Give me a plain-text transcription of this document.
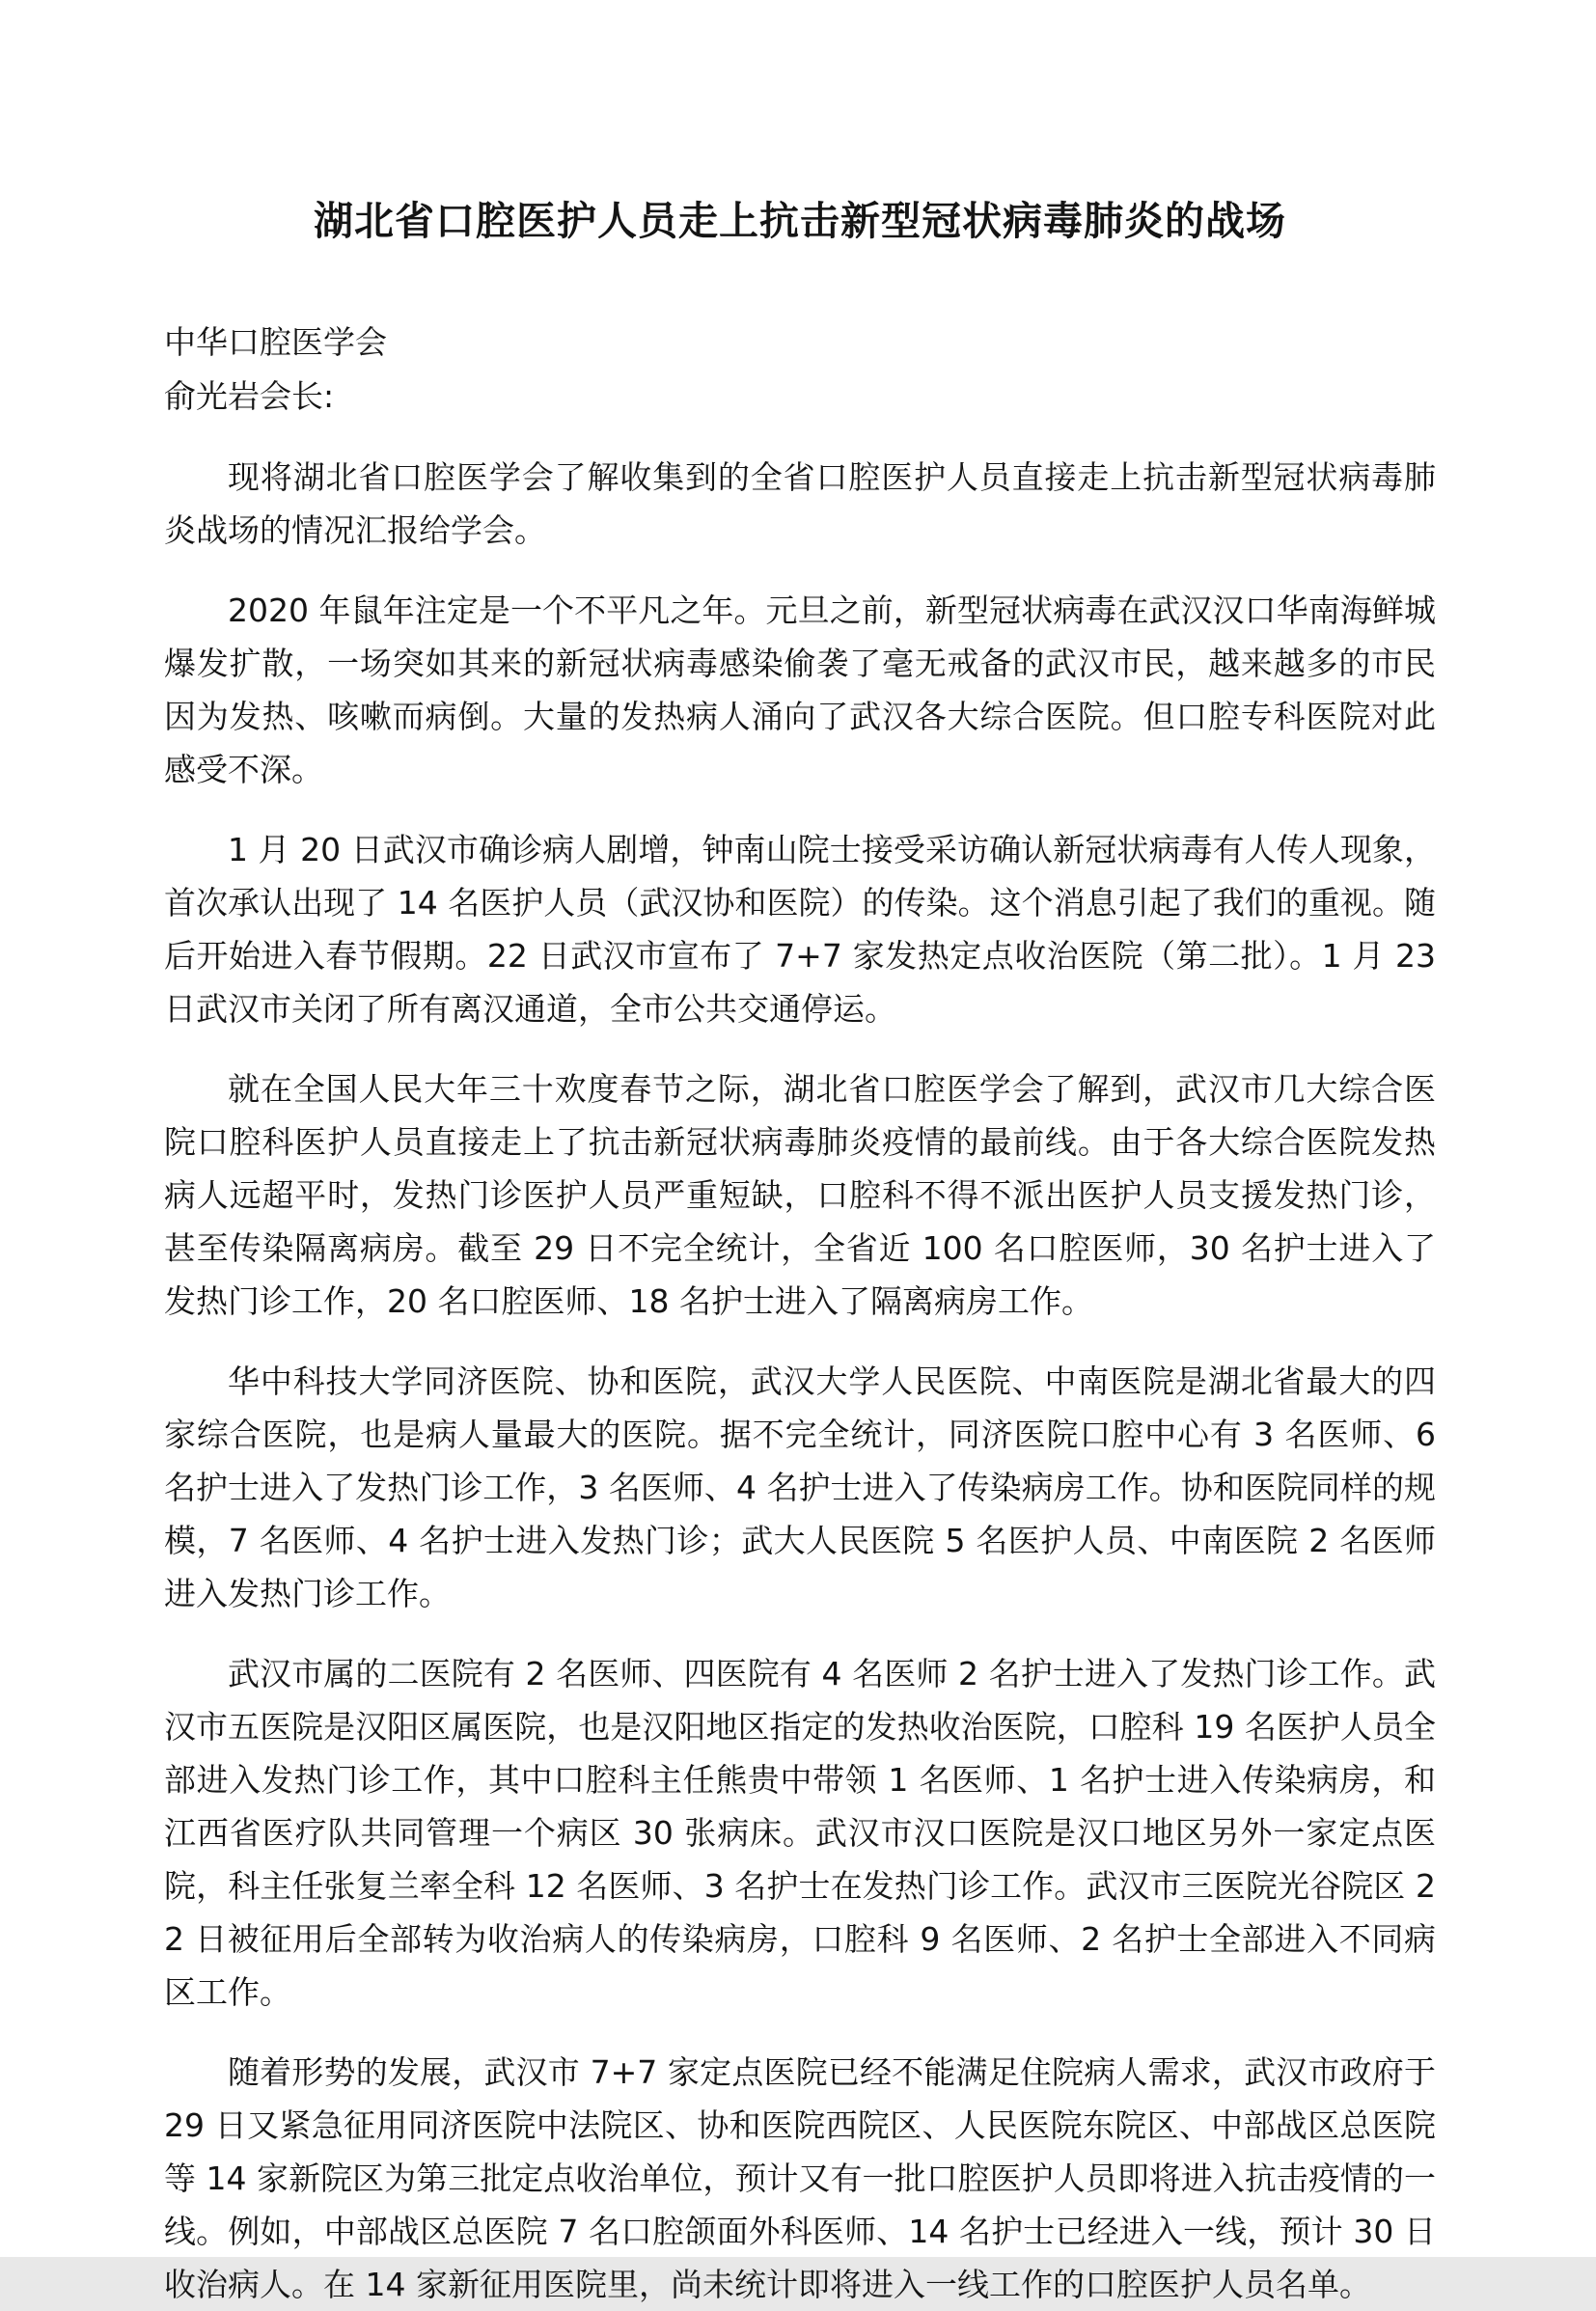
湖北省口腔医护人员走上抗击新型冠状病毒肺炎的战场
中华口腔医学会
俞光岩会长:

现将湖北省口腔医学会了解收集到的全省口腔医护人员直接走上抗击新型冠状病毒肺炎战场的情况汇报给学会。

2020 年鼠年注定是一个不平凡之年。元旦之前，新型冠状病毒在武汉汉口华南海鲜城爆发扩散，一场突如其来的新冠状病毒感染偷袭了毫无戒备的武汉市民，越来越多的市民因为发热、咳嗽而病倒。大量的发热病人涌向了武汉各大综合医院。但口腔专科医院对此感受不深。

1 月 20 日武汉市确诊病人剧增，钟南山院士接受采访确认新冠状病毒有人传人现象，首次承认出现了 14 名医护人员（武汉协和医院）的传染。这个消息引起了我们的重视。随后开始进入春节假期。22 日武汉市宣布了 7+7 家发热定点收治医院（第二批）。1 月 23 日武汉市关闭了所有离汉通道，全市公共交通停运。

就在全国人民大年三十欢度春节之际，湖北省口腔医学会了解到，武汉市几大综合医院口腔科医护人员直接走上了抗击新冠状病毒肺炎疫情的最前线。由于各大综合医院发热病人远超平时，发热门诊医护人员严重短缺，口腔科不得不派出医护人员支援发热门诊，甚至传染隔离病房。截至 29 日不完全统计，全省近 100 名口腔医师，30 名护士进入了发热门诊工作，20 名口腔医师、18 名护士进入了隔离病房工作。

华中科技大学同济医院、协和医院，武汉大学人民医院、中南医院是湖北省最大的四家综合医院，也是病人量最大的医院。据不完全统计，同济医院口腔中心有 3 名医师、6 名护士进入了发热门诊工作，3 名医师、4 名护士进入了传染病房工作。协和医院同样的规模，7 名医师、4 名护士进入发热门诊；武大人民医院 5 名医护人员、中南医院 2 名医师进入发热门诊工作。

武汉市属的二医院有 2 名医师、四医院有 4 名医师 2 名护士进入了发热门诊工作。武汉市五医院是汉阳区属医院，也是汉阳地区指定的发热收治医院，口腔科 19 名医护人员全部进入发热门诊工作，其中口腔科主任熊贵中带领 1 名医师、1 名护士进入传染病房，和江西省医疗队共同管理一个病区 30 张病床。武汉市汉口医院是汉口地区另外一家定点医院，科主任张复兰率全科 12 名医师、3 名护士在发热门诊工作。武汉市三医院光谷院区 22 日被征用后全部转为收治病人的传染病房，口腔科 9 名医师、2 名护士全部进入不同病区工作。

随着形势的发展，武汉市 7+7 家定点医院已经不能满足住院病人需求，武汉市政府于 29 日又紧急征用同济医院中法院区、协和医院西院区、人民医院东院区、中部战区总医院等 14 家新院区为第三批定点收治单位，预计又有一批口腔医护人员即将进入抗击疫情的一线。例如，中部战区总医院 7 名口腔颌面外科医师、14 名护士已经进入一线，预计 30 日收治病人。在 14 家新征用医院里，尚未统计即将进入一线工作的口腔医护人员名单。
